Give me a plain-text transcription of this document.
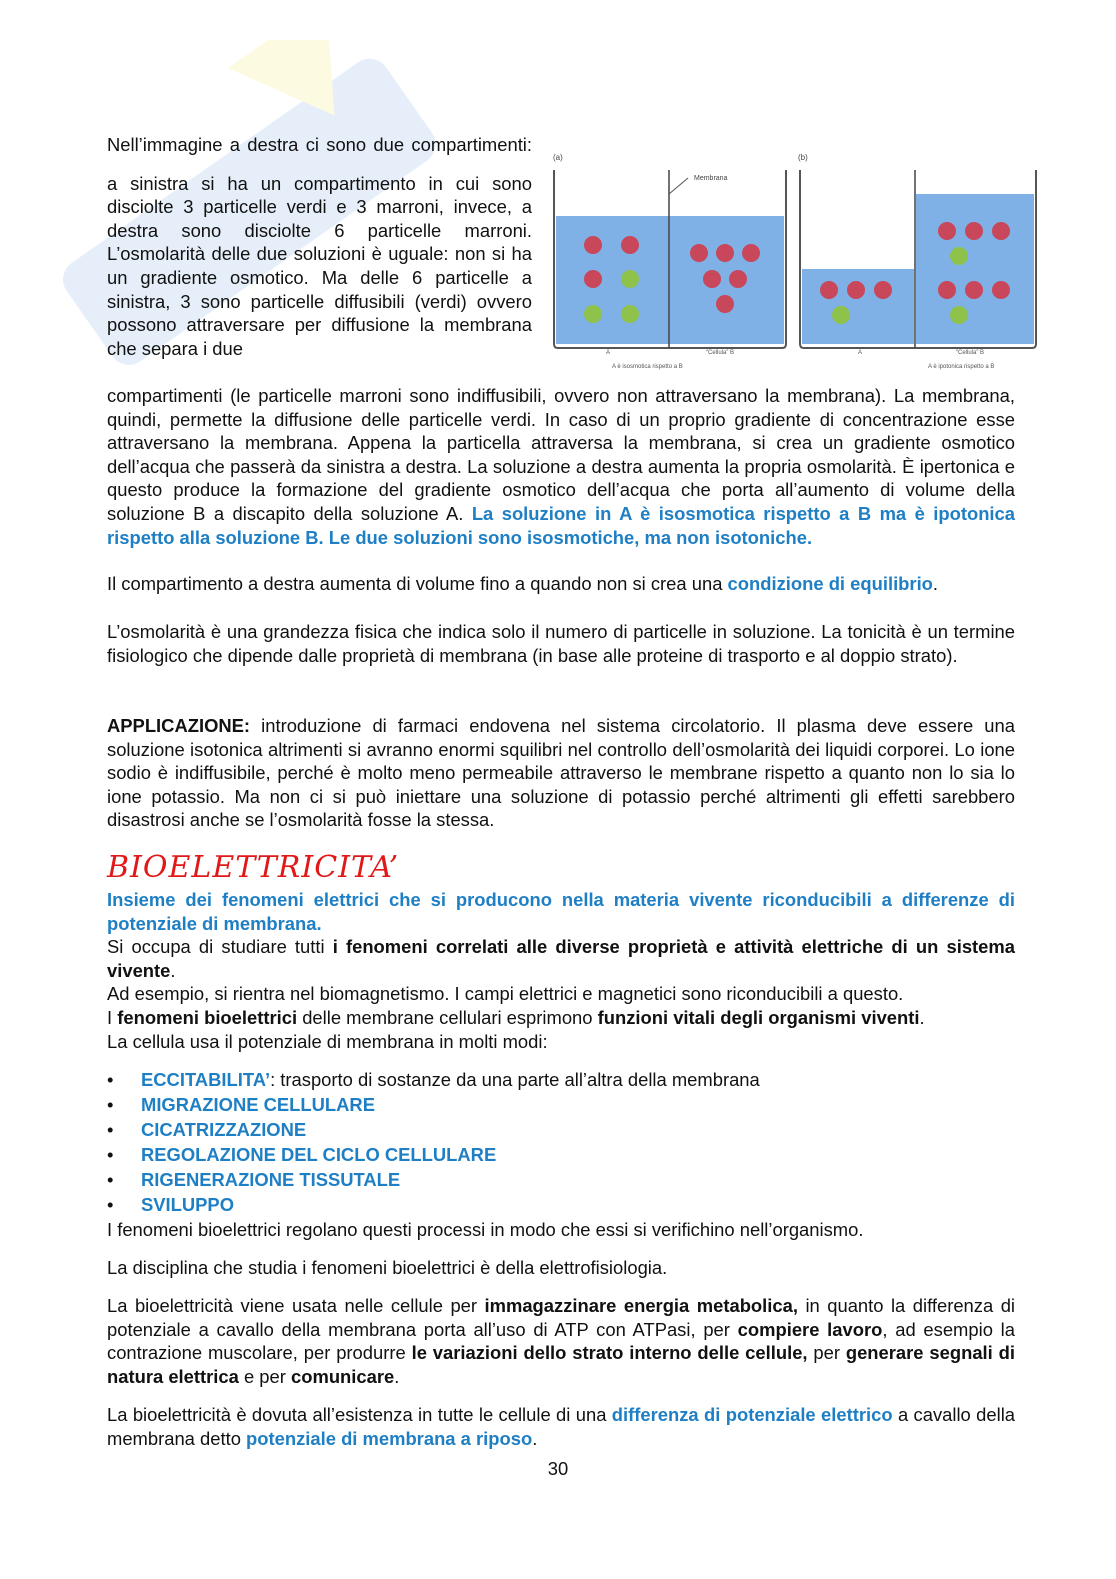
Nell’immagine a destra ci sono due compartimenti:

a sinistra si ha un compartimento in cui sono disciolte 3 particelle verdi e 3 marroni, invece, a destra sono disciolte 6 particelle marroni. L’osmolarità delle due soluzioni è uguale: non si ha un gradiente osmotico. Ma delle 6 particelle a sinistra, 3 sono particelle diffusibili (verdi) ovvero possono attraversare per diffusione la membrana che separa i due

(a)	(b)
Membrana
A	“Cellula” B
A è isosmotica rispetto a B
A	“Cellula” B
A è ipotonica rispetto a B
compartimenti (le particelle marroni sono indiffusibili, ovvero non attraversano la membrana). La membrana, quindi, permette la diffusione delle particelle verdi. In caso di un proprio gradiente di concentrazione esse attraversano la membrana. Appena la particella attraversa la membrana, si crea un gradiente osmotico dell’acqua che passerà da sinistra a destra. La soluzione a destra aumenta la propria osmolarità. È ipertonica e questo produce la formazione del gradiente osmotico dell’acqua che porta all’aumento di volume della soluzione B a discapito della soluzione A. La soluzione in A è isosmotica rispetto a B ma è ipotonica rispetto alla soluzione B. Le due soluzioni sono isosmotiche, ma non isotoniche.
Il compartimento a destra aumenta di volume fino a quando non si crea una condizione di equilibrio.
L’osmolarità è una grandezza fisica che indica solo il numero di particelle in soluzione. La tonicità è un termine fisiologico che dipende dalle proprietà di membrana (in base alle proteine di trasporto e al doppio strato).
APPLICAZIONE: introduzione di farmaci endovena nel sistema circolatorio. Il plasma deve essere una soluzione isotonica altrimenti si avranno enormi squilibri nel controllo dell’osmolarità dei liquidi corporei. Lo ione sodio è indiffusibile, perché è molto meno permeabile attraverso le membrane rispetto a quanto non lo sia lo ione potassio. Ma non ci si può iniettare una soluzione di potassio perché altrimenti gli effetti sarebbero disastrosi anche se l’osmolarità fosse la stessa.
BIOELETTRICITA’
Insieme dei fenomeni elettrici che si producono nella materia vivente riconducibili a differenze di potenziale di membrana.
Si occupa di studiare tutti i fenomeni correlati alle diverse proprietà e attività elettriche di un sistema vivente.
Ad esempio, si rientra nel biomagnetismo. I campi elettrici e magnetici sono riconducibili a questo.
I fenomeni bioelettrici delle membrane cellulari esprimono funzioni vitali degli organismi viventi.
La cellula usa il potenziale di membrana in molti modi:
• ECCITABILITA’: trasporto di sostanze da una parte all’altra della membrana
• MIGRAZIONE CELLULARE
• CICATRIZZAZIONE
• REGOLAZIONE DEL CICLO CELLULARE
• RIGENERAZIONE TISSUTALE
• SVILUPPO
I fenomeni bioelettrici regolano questi processi in modo che essi si verifichino nell’organismo.
La disciplina che studia i fenomeni bioelettrici è della elettrofisiologia.
La bioelettricità viene usata nelle cellule per immagazzinare energia metabolica, in quanto la differenza di potenziale a cavallo della membrana porta all’uso di ATP con ATPasi, per compiere lavoro, ad esempio la contrazione muscolare, per produrre le variazioni dello strato interno delle cellule, per generare segnali di natura elettrica e per comunicare.
La bioelettricità è dovuta all’esistenza in tutte le cellule di una differenza di potenziale elettrico a cavallo della membrana detto potenziale di membrana a riposo.
30
